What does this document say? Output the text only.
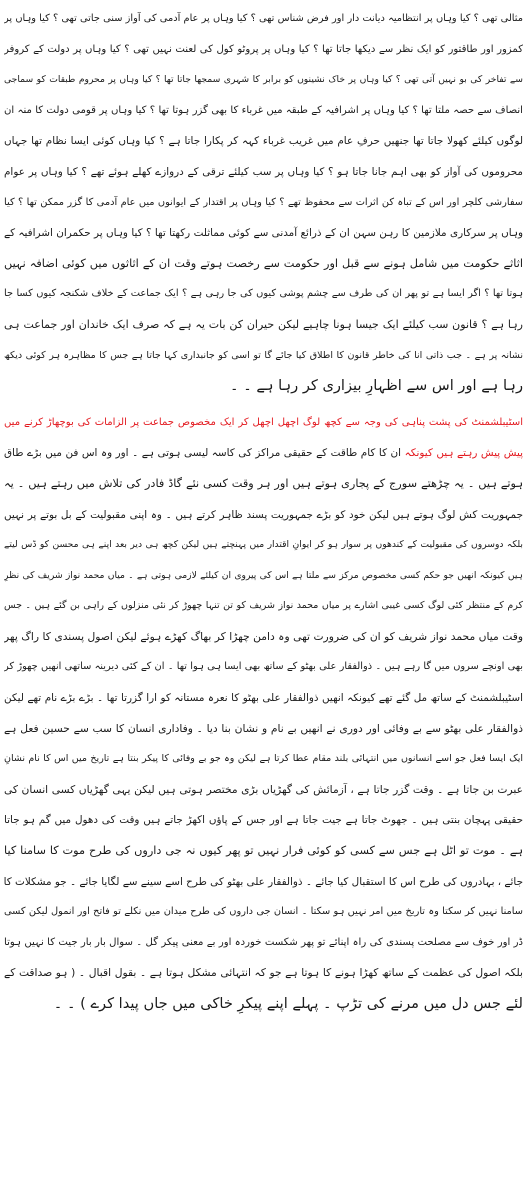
مثالی تھی ؟ کیا وہاں پر انتظامیہ دیانت دار اور فرض شناس تھی ؟ کیا وہاں پر عام آدمی کی آواز سنی جاتی تھی ؟ کیا وہاں پر
کمزور اور طاقتور کو ایک نظر سے دیکھا جاتا تھا ؟ کیا وہاں پر پروٹو کول کی لعنت نہیں تھی ؟ کیا وہاں پر دولت کے کروفر
سے تفاخر کی بو نہیں آتی تھی ؟ کیا وہاں پر خاک نشینوں کو برابر کا شہری سمجھا جاتا تھا ؟ کیا وہاں پر محروم طبقات کو سماجی
انصاف سے حصہ ملتا تھا ؟ کیا وہاں پر اشرافیہ کے طبقہ میں غرباء کا بھی گزر ہوتا تھا ؟ کیا وہاں پر قومی دولت کا منہ ان
لوگوں کیلئے کھولا جاتا تھا جنھیں حرفِ عام میں غریب غرباء کہہ کر پکارا جاتا ہے ؟ کیا وہاں کوئی ایسا نظام تھا جہاں
محروموں کی آواز کو بھی اہم جانا جاتا ہو ؟ کیا وہاں پر سب کیلئے ترقی کے دروازے کھلے ہوئے تھے ؟ کیا وہاں پر عوام
سفارشی کلچر اور اس کے تباہ کن اثرات سے محفوظ تھے ؟ کیا وہاں پر اقتدار کے ایوانوں میں عام آدمی کا گزر ممکن تھا ؟ کیا
وہاں پر سرکاری ملازمین کا رہن سہن ان کے ذرائع آمدنی سے کوئی مماثلت رکھتا تھا ؟ کیا وہاں پر حکمران اشرافیہ کے
اثاثے حکومت میں شامل ہونے سے قبل اور حکومت سے رخصت ہوتے وقت ان کے اثاثوں میں کوئی اضافہ نہیں
ہوتا تھا ؟ اگر ایسا ہے تو پھر ان کی طرف سے چشم پوشی کیوں کی جا رہی ہے ؟ ایک جماعت کے خلاف شکنجہ کیوں کسا جا
رہا ہے ؟ قانون سب کیلئے ایک جیسا ہونا چاہیے لیکن حیران کن بات یہ ہے کہ صرف ایک خاندان اور جماعت ہی
نشانہ پر ہے ۔ جب ذاتی انا کی خاطر قانون کا اطلاق کیا جائے گا تو اسی کو جانبداری کہا جاتا ہے جس کا مظاہرہ ہر کوئی دیکھ
رہا ہے اور اس سے اظہارِ بیزاری کر رہا ہے ۔ ۔
اسٹیبلشمنٹ کی پشت پناہی کی وجہ سے کچھ لوگ اچھل اچھل کر ایک مخصوص جماعت پر الزامات کی بوچھاڑ کرنے میں
پیش پیش رہتے ہیں کیونکہ ان کا کام طاقت کے حقیقی مراکز کی کاسہ لیسی ہوتی ہے ۔ اور وہ اس فن میں بڑے طاق
ہوتے ہیں ۔ یہ چڑھتے سورج کے پجاری ہوتے ہیں اور ہر وقت کسی نئے گاڈ فادر کی تلاش میں رہتے ہیں ۔ یہ
جمہوریت کش لوگ ہوتے ہیں لیکن خود کو بڑے جمہوریت پسند ظاہر کرتے ہیں ۔ وہ اپنی مقبولیت کے بل بوتے پر نہیں
بلکہ دوسروں کی مقبولیت کے کندھوں پر سوار ہو کر ایوانِ اقتدار میں پہنچتے ہیں لیکن کچھ ہی دیر بعد اپنے ہی محسن کو ڈس لیتے
ہیں کیونکہ انھیں جو حکم کسی مخصوص مرکز سے ملتا ہے اس کی پیروی ان کیلئے لازمی ہوتی ہے ۔ میاں محمد نواز شریف کی نظرِ
کرم کے منتظر کئی لوگ کسی غیبی اشارے پر میاں محمد نواز شریف کو تن تنہا چھوڑ کر نئی منزلوں کے راہی بن گئے ہیں ۔ جس
وقت میاں محمد نواز شریف کو ان کی ضرورت تھی وہ دامن چھڑا کر بھاگ کھڑے ہوئے لیکن اصول پسندی کا راگ پھر
بھی اونچے سروں میں گا رہے ہیں ۔ ذوالفقار علی بھٹو کے ساتھ بھی ایسا ہی ہوا تھا ۔ ان کے کئی دیرینہ ساتھی انھیں چھوڑ کر
اسٹیبلشمنٹ کے ساتھ مل گئے تھے کیونکہ انھیں ذوالفقار علی بھٹو کا نعرہ مستانہ کو ارا گزرتا تھا ۔ بڑے بڑے نام تھے لیکن
ذوالفقار علی بھٹو سے بے وفائی اور دوری نے انھیں بے نام و نشان بنا دیا ۔ وفاداری انسان کا سب سے حسین فعل ہے
ایک ایسا فعل جو اسے انسانوں میں انتہائی بلند مقام عطا کرتا ہے لیکن وہ جو بے وفائی کا پیکر بنتا ہے تاریخ میں اس کا نام نشانِ
عبرت بن جاتا ہے ۔ وقت گزر جاتا ہے ، آزمائش کی گھڑیاں بڑی مختصر ہوتی ہیں لیکن یہی گھڑیاں کسی انسان کی
حقیقی پہچان بنتی ہیں ۔ جھوٹ جاتا ہے جیت جاتا ہے اور جس کے پاؤں اکھڑ جاتے ہیں وقت کی دھول میں گم ہو جاتا
ہے ۔ موت تو اٹل ہے جس سے کسی کو کوئی فرار نہیں تو پھر کیوں نہ جی داروں کی طرح موت کا سامنا کیا
جائے ، بہادروں کی طرح اس کا استقبال کیا جائے ۔ ذوالفقار علی بھٹو کی طرح اسے سینے سے لگایا جائے ۔ جو مشکلات کا
سامنا نہیں کر سکتا وہ تاریخ میں امر نہیں ہو سکتا ۔ انسان جی داروں کی طرح میدان میں نکلے تو فاتح اور انمول لیکن کسی
ڈر اور خوف سے مصلحت پسندی کی راہ اپنائے تو پھر شکست خوردہ اور بے معنی پیکر گل ۔ سوال بار بار جیت کا نہیں ہوتا
بلکہ اصول کی عظمت کے ساتھ کھڑا ہونے کا ہوتا ہے جو کہ انتہائی مشکل ہوتا ہے ۔ بقول اقبال ۔ ( ہو صداقت کے
لئے جس دل میں مرنے کی تڑپ ۔ پہلے اپنے پیکرِ خاکی میں جاں پیدا کرے ) ۔ ۔
